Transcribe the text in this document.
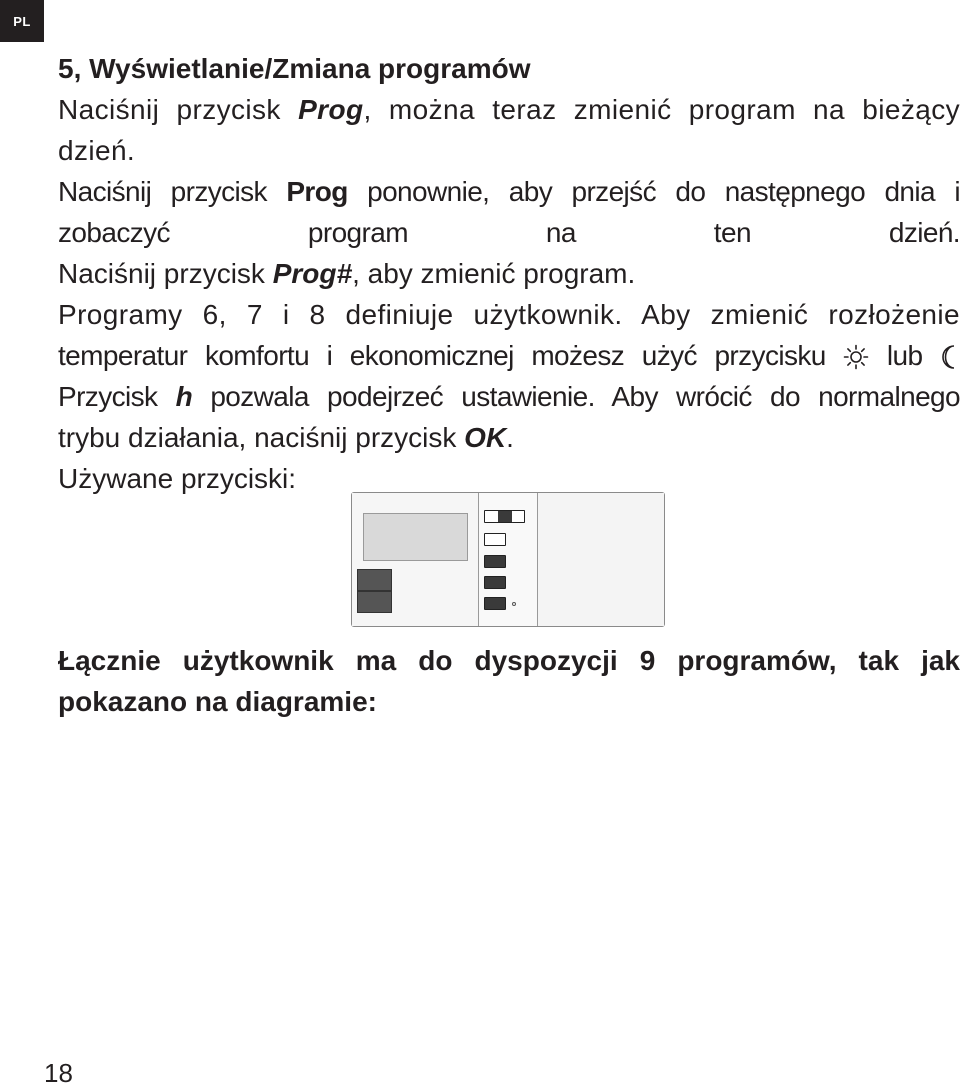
PL

5, Wyświetlanie/Zmiana programów

Naciśnij przycisk Prog, można teraz zmienić program na bieżący dzień.

Naciśnij przycisk Prog ponownie, aby przejść do następnego dnia i zobaczyć program na ten dzień.

Naciśnij przycisk Prog#, aby zmienić program.

Programy 6, 7 i 8 definiuje użytkownik. Aby zmienić rozłożenie

temperatur komfortu i ekonomicznej możesz użyć przycisku lub

Przycisk h pozwala podejrzeć ustawienie. Aby wrócić do normalnego

trybu działania, naciśnij przycisk OK.

Używane przyciski:

Łącznie użytkownik ma do dyspozycji 9 programów, tak jak

pokazano na diagramie:

18
